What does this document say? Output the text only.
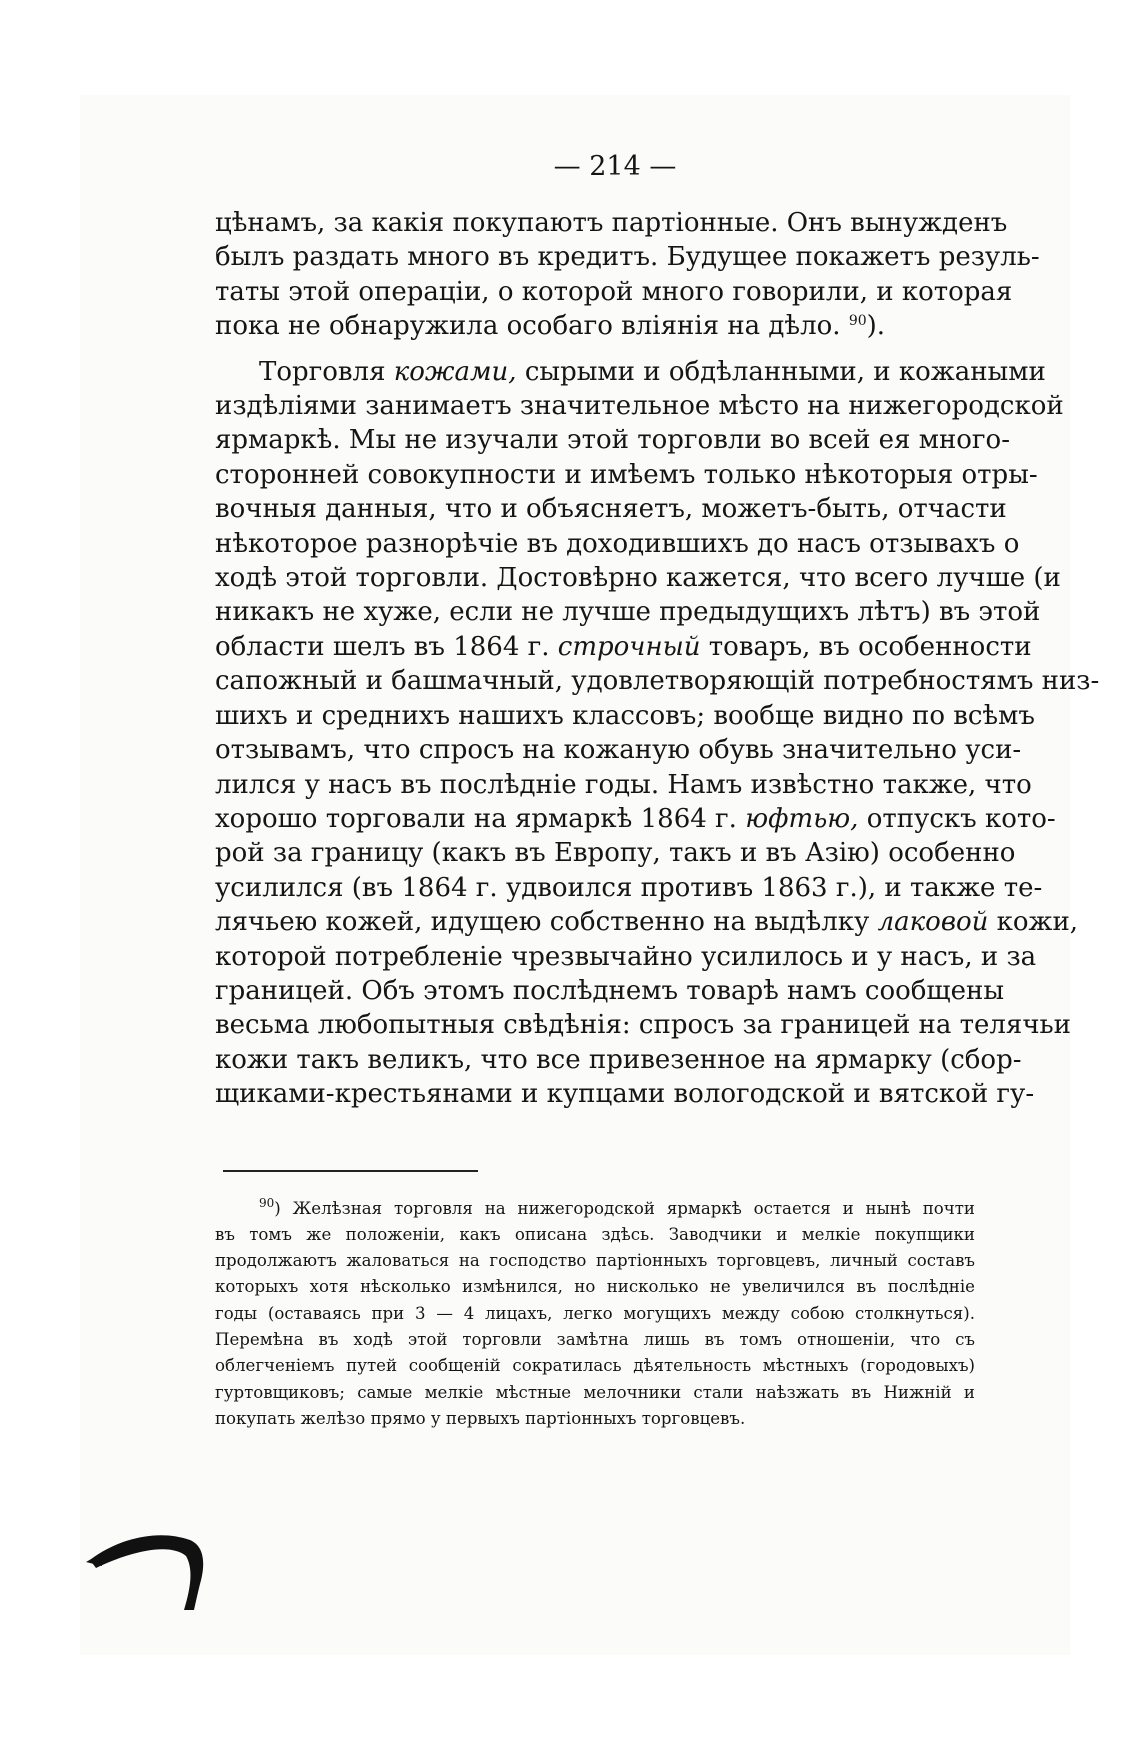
— 214 —
цѣнамъ, за какія покупаютъ партіонные. Онъ вынужденъ
былъ раздать много въ кредитъ. Будущее покажетъ резуль-
таты этой операціи, о которой много говорили, и которая
пока не обнаружила особаго вліянія на дѣло. $^{90}$).
Торговля кожами, сырыми и обдѣланными, и кожаными
издѣліями занимаетъ значительное мѣсто на нижегородской
ярмаркѣ. Мы не изучали этой торговли во всей ея много-
сторонней совокупности и имѣемъ только нѣкоторыя отры-
вочныя данныя, что и объясняетъ, можетъ-быть, отчасти
нѣкоторое разнорѣчіе въ доходившихъ до насъ отзывахъ о
ходѣ этой торговли. Достовѣрно кажется, что всего лучше (и
никакъ не хуже, если не лучше предыдущихъ лѣтъ) въ этой
области шелъ въ 1864 г. строчный товаръ, въ особенности
сапожный и башмачный, удовлетворяющій потребностямъ низ-
шихъ и среднихъ нашихъ классовъ; вообще видно по всѣмъ
отзывамъ, что спросъ на кожаную обувь значительно уси-
лился у насъ въ послѣдніе годы. Намъ извѣстно также, что
хорошо торговали на ярмаркѣ 1864 г. юфтью, отпускъ кото-
рой за границу (какъ въ Европу, такъ и въ Азію) особенно
усилился (въ 1864 г. удвоился противъ 1863 г.), и также те-
лячьею кожей, идущею собственно на выдѣлку лаковой кожи,
которой потребленіе чрезвычайно усилилось и у насъ, и за
границей. Объ этомъ послѣднемъ товарѣ намъ сообщены
весьма любопытныя свѣдѣнія: спросъ за границей на телячьи
кожи такъ великъ, что все привезенное на ярмарку (сбор-
щиками-крестьянами и купцами вологодской и вятской гу-
$^{90}$) Желѣзная торговля на нижегородской ярмаркѣ остается и нынѣ почти
въ томъ же положеніи, какъ описана здѣсь. Заводчики и мелкіе покупщики
продолжаютъ жаловаться на господство партіонныхъ торговцевъ, личный составъ
которыхъ хотя нѣсколько измѣнился, но нисколько не увеличился въ послѣдніе
годы (оставаясь при 3 — 4 лицахъ, легко могущихъ между собою столкнуться).
Перемѣна въ ходѣ этой торговли замѣтна лишь въ томъ отношеніи, что съ
облегченіемъ путей сообщеній сократилась дѣятельность мѣстныхъ (городовыхъ)
гуртовщиковъ; самые мелкіе мѣстные мелочники стали наѣзжать въ Нижній и
покупать желѣзо прямо у первыхъ партіонныхъ торговцевъ.
